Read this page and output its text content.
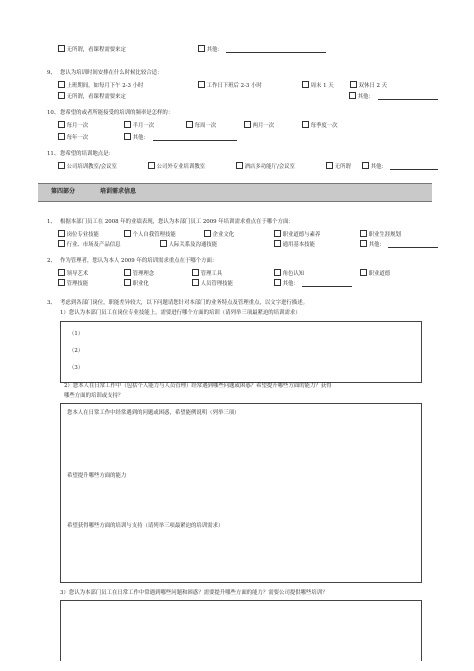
无所谓，看课程需要来定	其他：
9、 您认为培训时间安排在什么时候比较合适：
上班期间，如每月下午 2-3 小时	工作日下班后 2-3 小时	周末 1 天	双休日 2 天
无所谓，看课程需要来定	其他：
10、 您希望的或者所能接受的培训的频率是怎样的：
每月一次	半月一次	每周一次	两月一次	每季度一次
每年一次	其他：
11、 您希望的培训地点是：
公司培训教室/会议室	公司外专业培训教室	酒店多功能厅/会议室	无所谓	其他：
第四部分	培训需求信息
1、 根据本部门员工在 2008 年的业绩表现，您认为本部门员工 2009 年培训需求重点在于哪个方面：
岗位专业技能	个人自我管理技能	企业文化	职业道德与素养	职业生涯规划
行业、市场及产品信息	人际关系及沟通技能	通用基本技能	其他：
2、 作为管理者，您认为本人 2009 年的培训需求重点在于哪个方面：
领导艺术	管理理念	管理工具	角色认知	职业道德
管理技能	职业化	人员管理技能	其他：
3、 考虑到各部门岗位，职能差异较大，以下问题请您针对本部门的业务特点及管理重点，以文字进行描述。
1）您认为本部门员工在岗位专业技能上，需要进行哪个方面的培训（请列举三项最紧迫的培训需求）
（1）
（2）
（3）
2）您本人在日常工作中（包括个人能力与人员管理）经常遇到哪些问题或困惑？希望提升哪些方面的能力？获得
哪些方面的培训或支持？
您本人在日常工作中经常遇到的问题或困惑，希望能例说明（列举三项）
希望提升哪些方面的能力
希望获得哪些方面的培训与支持（请列举三项最紧迫的培训需求）
3）您认为本部门员工在日常工作中常遇到哪些问题和困惑？需要提升哪些方面的能力？需要公司提供哪些培训？
